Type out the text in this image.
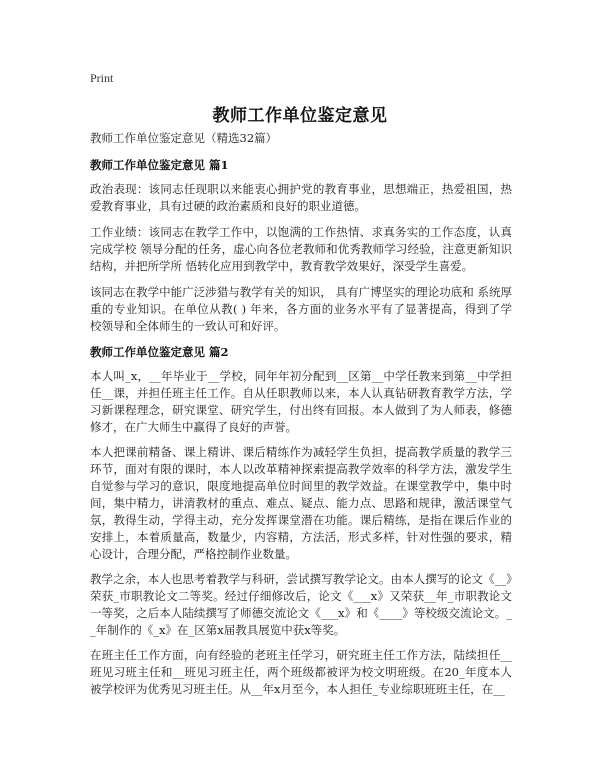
Print
教师工作单位鉴定意见

教师工作单位鉴定意见（精选32篇）

教师工作单位鉴定意见 篇1

政治表现：该同志任现职以来能衷心拥护党的教育事业，思想端正，热爱祖国，热爱教育事业，具有过硬的政治素质和良好的职业道德。

工作业绩：该同志在教学工作中，以饱满的工作热情、求真务实的工作态度，认真完成学校 领导分配的任务，虚心向各位老教师和优秀教师学习经验，注意更新知识结构，并把所学所 悟转化应用到教学中，教育教学效果好，深受学生喜爱。

该同志在教学中能广泛涉猎与教学有关的知识， 具有广博坚实的理论功底和 系统厚重的专业知识。在单位从教( ) 年来，各方面的业务水平有了显著提高，得到了学 校领导和全体师生的一致认可和好评。

教师工作单位鉴定意见 篇2

本人叫_x，__年毕业于__学校，同年年初分配到__区第__中学任教来到第__中学担任__课，并担任班主任工作。自从任职教师以来，本人认真钻研教育教学方法，学习新课程理念，研究课堂、研究学生，付出终有回报。本人做到了为人师表，修德修才，在广大师生中赢得了良好的声誉。

本人把课前精备、课上精讲、课后精练作为减轻学生负担，提高教学质量的教学三环节，面对有限的课时，本人以改革精神探索提高教学效率的科学方法，激发学生自觉参与学习的意识，限度地提高单位时间里的教学效益。在课堂教学中，集中时间，集中精力，讲清教材的重点、难点、疑点、能力点、思路和规律，激活课堂气氛，教得生动，学得主动，充分发挥课堂潜在功能。课后精练，是指在课后作业的安排上，本着质量高，数量少，内容精，方法活，形式多样，针对性强的要求，精心设计，合理分配，严格控制作业数量。

教学之余，本人也思考着教学与科研，尝试撰写教学论文。由本人撰写的论文《__》荣获_市职教论文二等奖。经过仔细修改后，论文《___x》又荣获__年_市职教论文一等奖，之后本人陆续撰写了师德交流论文《___x》和《____》等校级交流论文。__年制作的《_x》在_区第x届教具展览中获x等奖。

在班主任工作方面，向有经验的老班主任学习，研究班主任工作方法，陆续担任__班见习班主任和__班见习班主任，两个班级都被评为校文明班级。在20_年度本人被学校评为优秀见习班主任。从__年x月至今，本人担任_专业综职班班主任，在__
